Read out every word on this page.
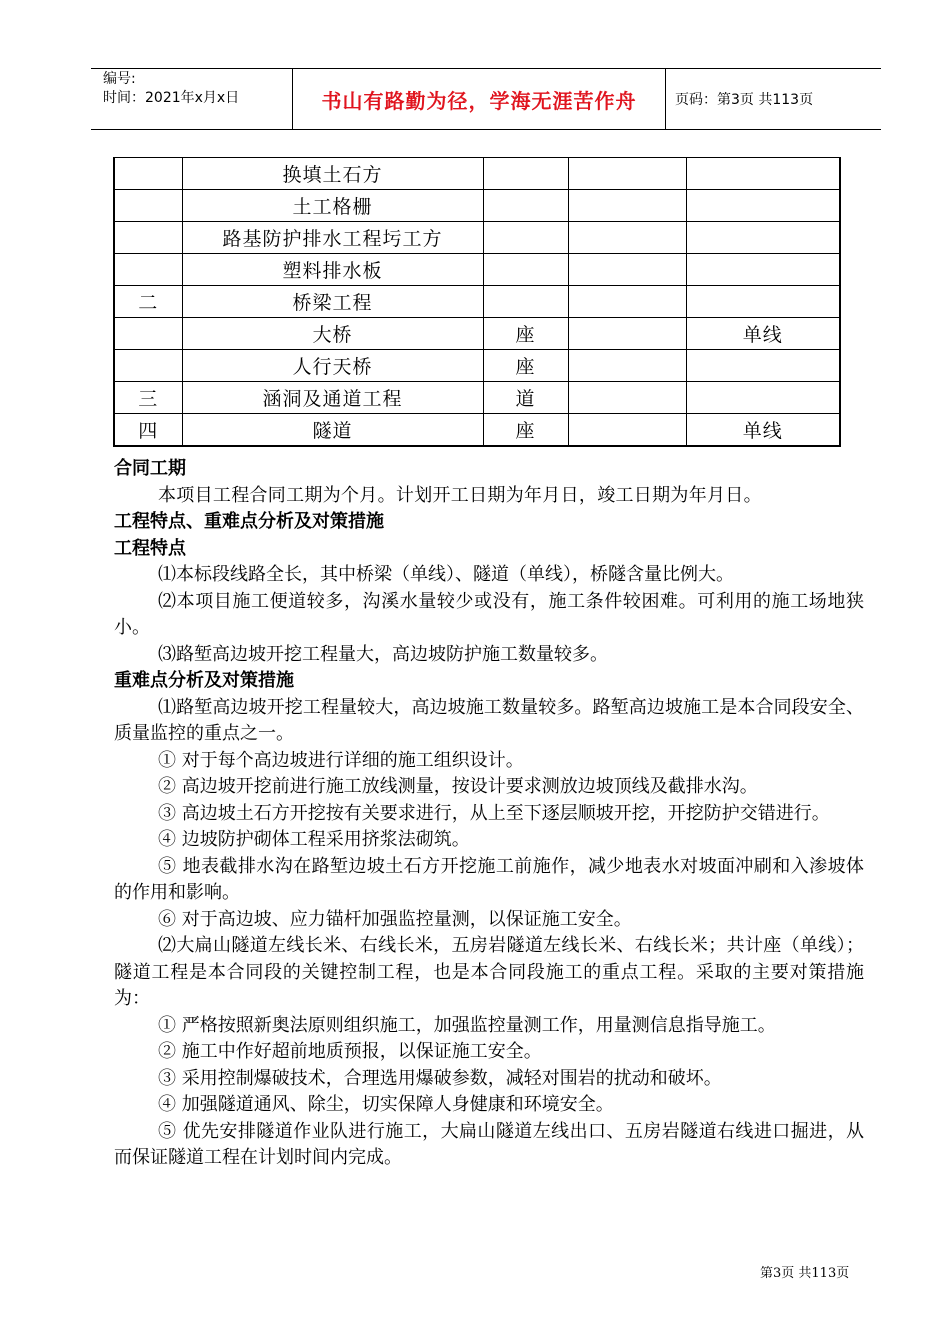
编号:
时间：2021年x月x日	书山有路勤为径，学海无涯苦作舟	页码：第3页 共113页
	换填土石方			
	土工格栅			
	路基防护排水工程圬工方			
	塑料排水板			
二	桥梁工程			
	大桥	座		单线
	人行天桥	座		
三	涵洞及通道工程	道		
四	隧道	座		单线

合同工期

本项目工程合同工期为个月。计划开工日期为年月日，竣工日期为年月日。

工程特点、重难点分析及对策措施

工程特点

⑴本标段线路全长，其中桥梁（单线）、隧道（单线），桥隧含量比例大。

⑵本项目施工便道较多，沟溪水量较少或没有，施工条件较困难。可利用的施工场地狭小。

⑶路堑高边坡开挖工程量大，高边坡防护施工数量较多。

重难点分析及对策措施

⑴路堑高边坡开挖工程量较大，高边坡施工数量较多。路堑高边坡施工是本合同段安全、质量监控的重点之一。

① 对于每个高边坡进行详细的施工组织设计。

② 高边坡开挖前进行施工放线测量，按设计要求测放边坡顶线及截排水沟。

③ 高边坡土石方开挖按有关要求进行，从上至下逐层顺坡开挖，开挖防护交错进行。

④ 边坡防护砌体工程采用挤浆法砌筑。

⑤ 地表截排水沟在路堑边坡土石方开挖施工前施作，减少地表水对坡面冲刷和入渗坡体的作用和影响。

⑥ 对于高边坡、应力锚杆加强监控量测，以保证施工安全。

⑵大扁山隧道左线长米、右线长米，五房岩隧道左线长米、右线长米；共计座（单线）；隧道工程是本合同段的关键控制工程，也是本合同段施工的重点工程。采取的主要对策措施为：

① 严格按照新奥法原则组织施工，加强监控量测工作，用量测信息指导施工。

② 施工中作好超前地质预报，以保证施工安全。

③ 采用控制爆破技术，合理选用爆破参数，减轻对围岩的扰动和破坏。

④ 加强隧道通风、除尘，切实保障人身健康和环境安全。

⑤ 优先安排隧道作业队进行施工，大扁山隧道左线出口、五房岩隧道右线进口掘进，从而保证隧道工程在计划时间内完成。

第3页 共113页
